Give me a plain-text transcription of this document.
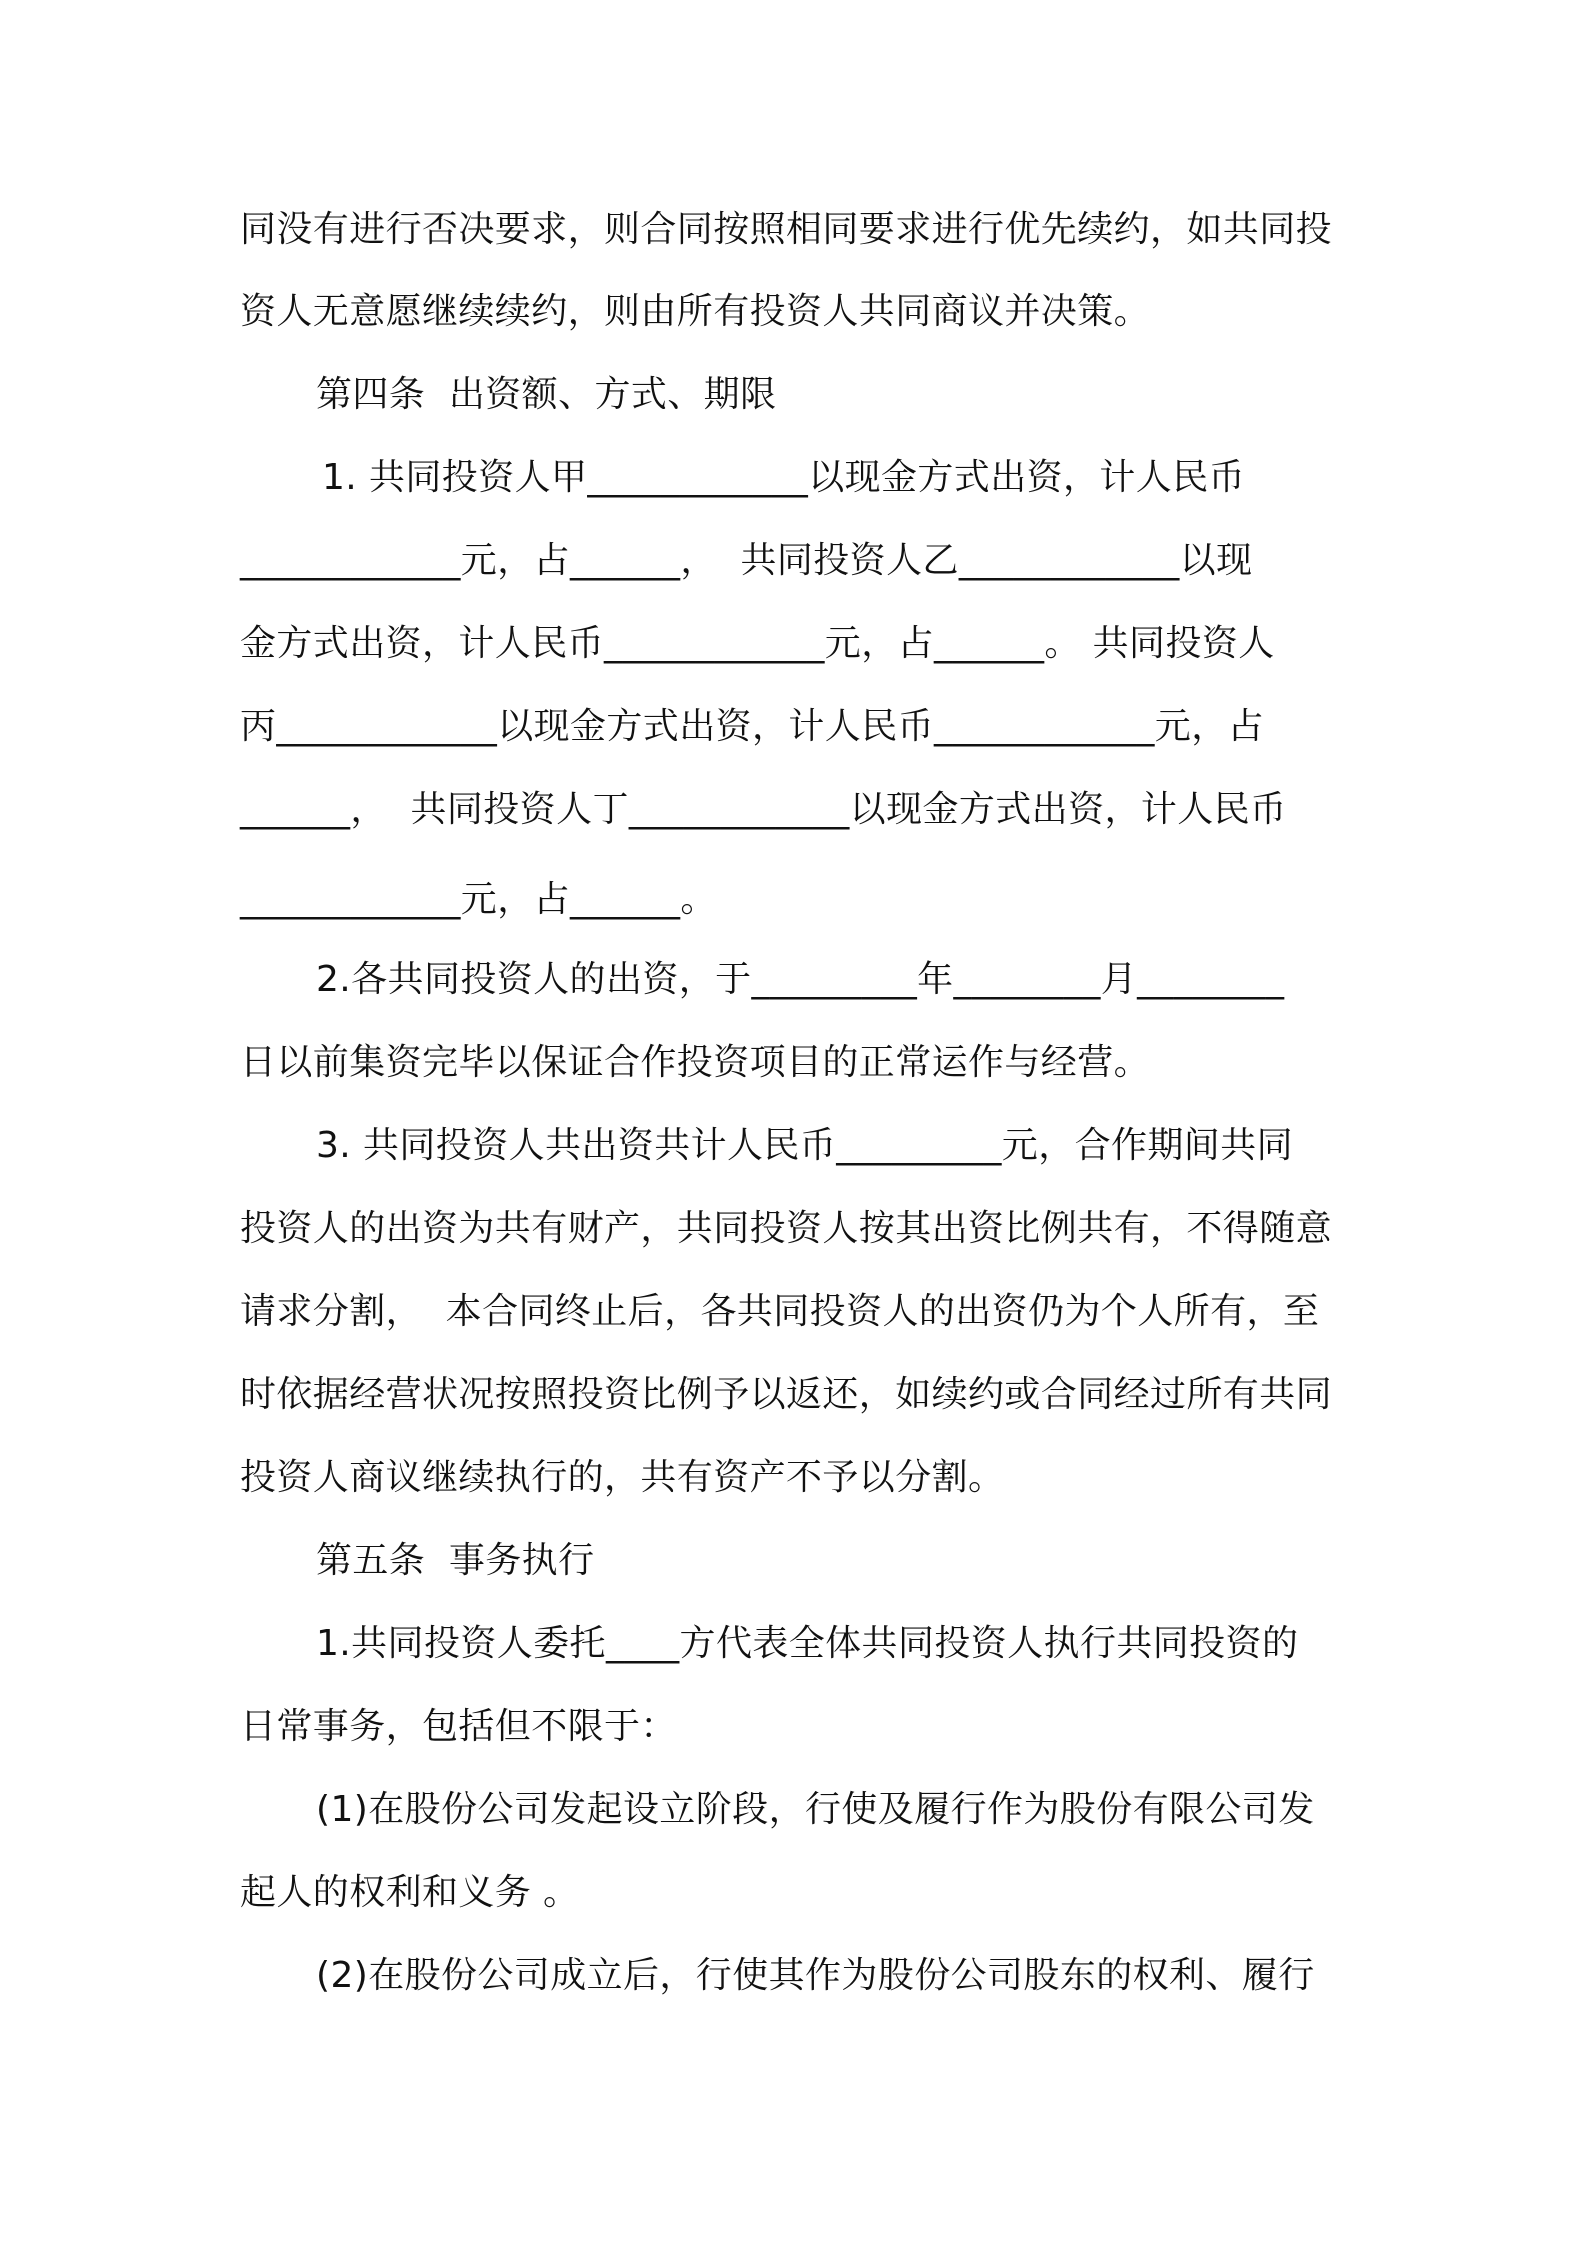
同没有进行否决要求，则合同按照相同要求进行优先续约，如共同投
资人无意愿继续续约，则由所有投资人共同商议并决策。
第四条  出资额、方式、期限
1. 共同投资人甲____________以现金方式出资，计人民币
____________元，占______，  共同投资人乙____________以现
金方式出资，计人民币____________元，占______。 共同投资人
丙____________以现金方式出资，计人民币____________元，占
______，  共同投资人丁____________以现金方式出资，计人民币
____________元，占______。
2.各共同投资人的出资，于_________年________月________
日以前集资完毕以保证合作投资项目的正常运作与经营。
3. 共同投资人共出资共计人民币_________元，合作期间共同
投资人的出资为共有财产，共同投资人按其出资比例共有，不得随意
请求分割，  本合同终止后，各共同投资人的出资仍为个人所有，至
时依据经营状况按照投资比例予以返还，如续约或合同经过所有共同
投资人商议继续执行的，共有资产不予以分割。
第五条  事务执行
1.共同投资人委托____方代表全体共同投资人执行共同投资的
日常事务，包括但不限于：
(1)在股份公司发起设立阶段，行使及履行作为股份有限公司发
起人的权利和义务 。
(2)在股份公司成立后，行使其作为股份公司股东的权利、履行
